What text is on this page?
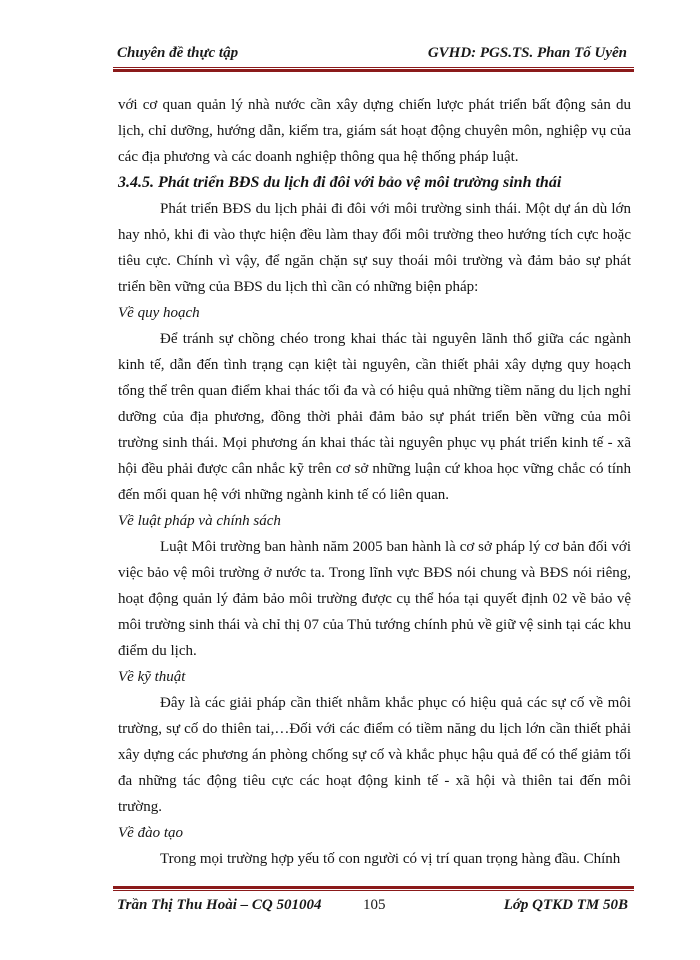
Chuyên đề thực tập	GVHD: PGS.TS. Phan Tố Uyên

với cơ quan quản lý nhà nước cần xây dựng chiến lược phát triển bất động sản du lịch, chỉ dưỡng, hướng dẫn, kiểm tra, giám sát hoạt động chuyên môn, nghiệp vụ của các địa phương và các doanh nghiệp thông qua hệ thống pháp luật.

3.4.5. Phát triển BĐS du lịch đi đôi với bảo vệ môi trường sinh thái

Phát triển BĐS du lịch phải đi đôi với môi trường sinh thái. Một dự án dù lớn hay nhỏ, khi đi vào thực hiện đều làm thay đổi môi trường theo hướng tích cực hoặc tiêu cực. Chính vì vậy, để ngăn chặn sự suy thoái môi trường và đảm bảo sự phát triển bền vững của BĐS du lịch thì cần có những biện pháp:

Về quy hoạch

Để tránh sự chồng chéo trong khai thác tài nguyên lãnh thổ giữa các ngành kinh tế, dẫn đến tình trạng cạn kiệt tài nguyên, cần thiết phải xây dựng quy hoạch tổng thể trên quan điểm khai thác tối đa và có hiệu quả những tiềm năng du lịch nghỉ dưỡng của địa phương, đồng thời phải đảm bảo sự phát triển bền vững của môi trường sinh thái. Mọi phương án khai thác tài nguyên phục vụ phát triển kinh tế - xã hội đều phải được cân nhắc kỹ trên cơ sở những luận cứ khoa học vững chắc có tính đến mối quan hệ với những ngành kinh tế có liên quan.

Về luật pháp và chính sách

Luật Môi trường ban hành năm 2005 ban hành là cơ sở pháp lý cơ bản đối với việc bảo vệ môi trường ở nước ta. Trong lĩnh vực BĐS nói chung và BĐS nói riêng, hoạt động quản lý đảm bảo môi trường được cụ thể hóa tại quyết định 02 về bảo vệ môi trường sinh thái và chỉ thị 07 của Thủ tướng chính phủ về giữ vệ sinh tại các khu điểm du lịch.

Về kỹ thuật

Đây là các giải pháp cần thiết nhằm khắc phục có hiệu quả các sự cố về môi trường, sự cố do thiên tai,…Đối với các điểm có tiềm năng du lịch lớn cần thiết phải xây dựng các phương án phòng chống sự cố và khắc phục hậu quả để có thể giảm tối đa những tác động tiêu cực các hoạt động kinh tế - xã hội và thiên tai đến môi trường.

Về đào tạo

Trong mọi trường hợp yếu tố con người có vị trí quan trọng hàng đầu. Chính

Trần Thị Thu Hoài – CQ 501004	105	Lớp QTKD TM 50B
